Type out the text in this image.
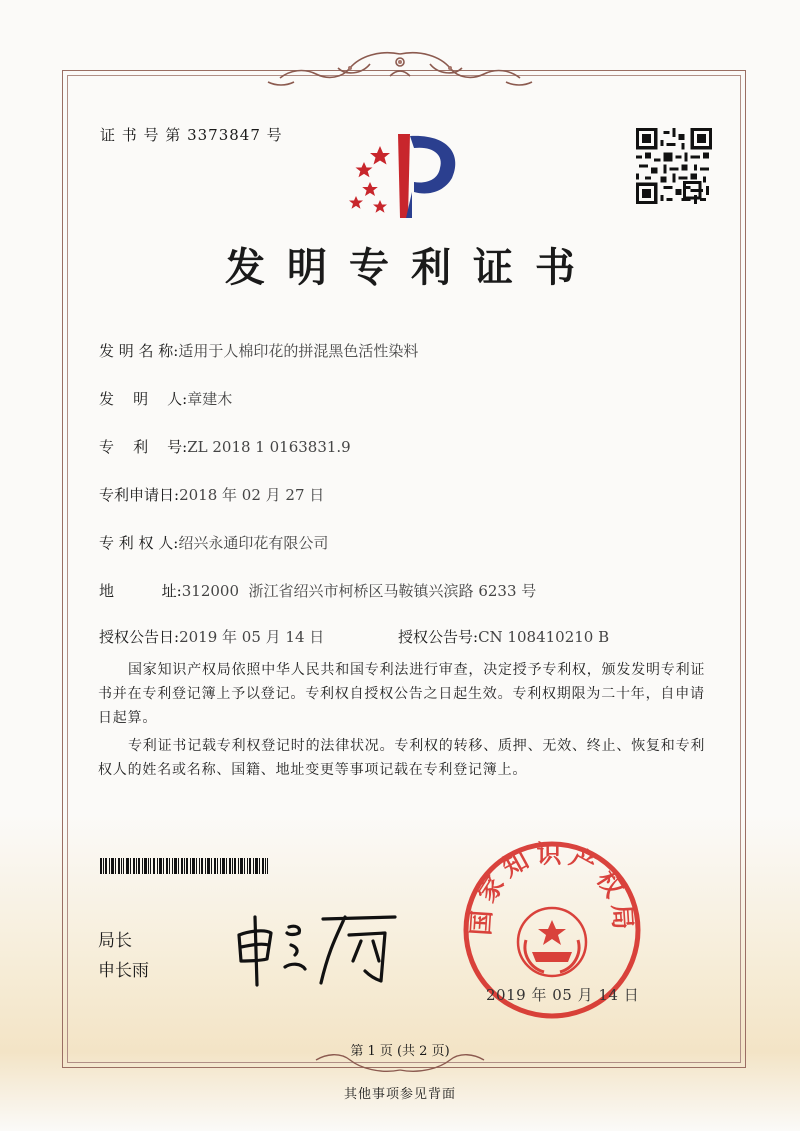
证 书 号 第 3373847 号
发明专利证书
发 明 名 称:适用于人棉印花的拼混黑色活性染料
发    明    人:章建木
专    利    号:ZL 2018 1 0163831.9
专利申请日:2018 年 02 月 27 日
专 利 权 人:绍兴永通印花有限公司
地          址:312000  浙江省绍兴市柯桥区马鞍镇兴滨路 6233 号
授权公告日:2019 年 05 月 14 日	授权公告号:CN 108410210 B
国家知识产权局依照中华人民共和国专利法进行审查，决定授予专利权，颁发发明专利证书并在专利登记簿上予以登记。专利权自授权公告之日起生效。专利权期限为二十年，自申请日起算。
专利证书记载专利权登记时的法律状况。专利权的转移、质押、无效、终止、恢复和专利权人的姓名或名称、国籍、地址变更等事项记载在专利登记簿上。
局长
申长雨
国家知识产权局
2019 年 05 月 14 日
第 1 页 (共 2 页)
其他事项参见背面
